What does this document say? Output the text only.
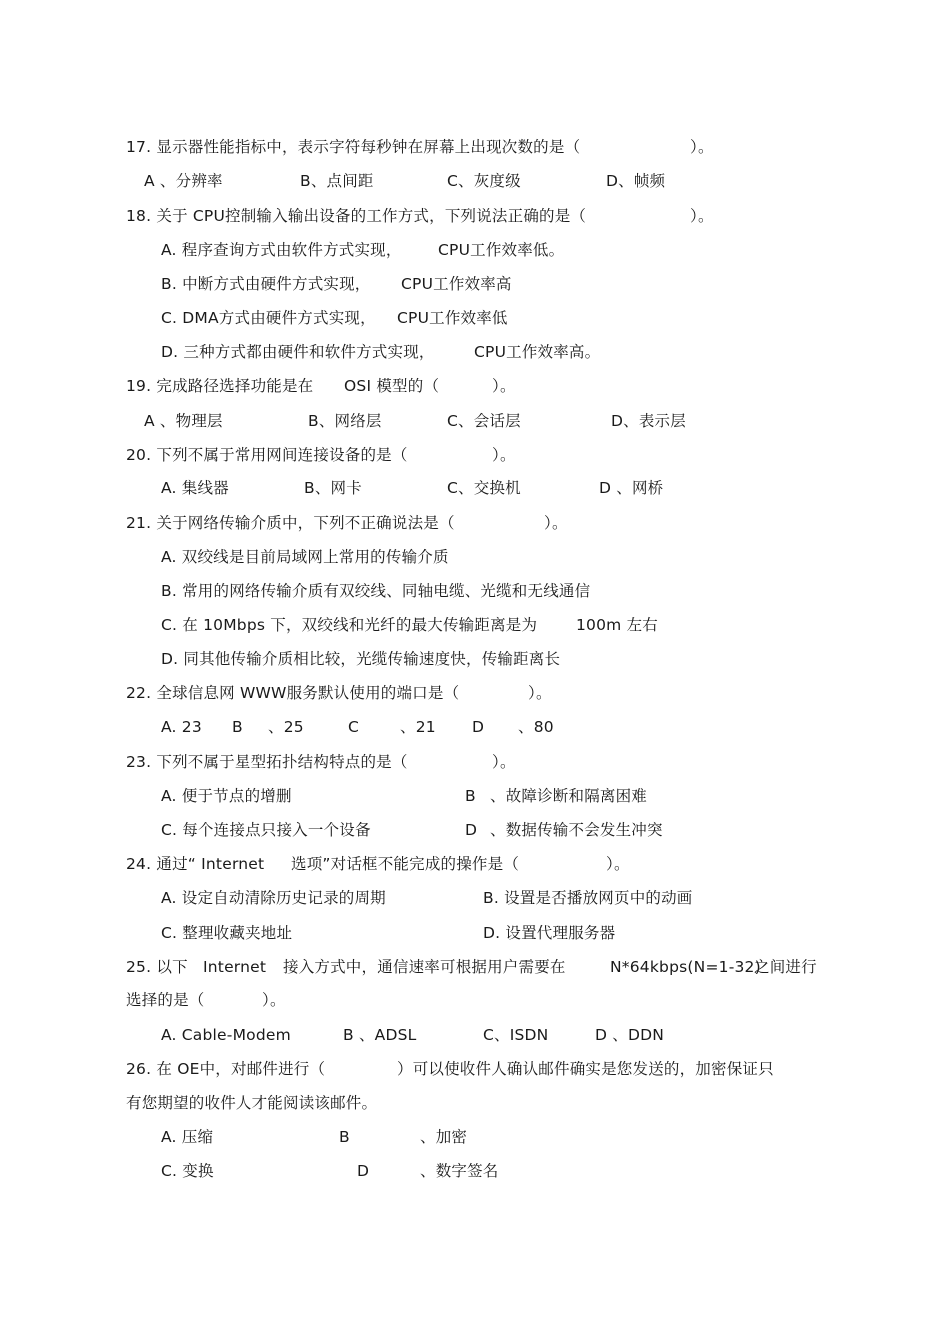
17. 显示器性能指标中，表示字符每秒钟在屏幕上出现次数的是（	）。
A 、分辨率	B、点间距	C、灰度级	D、帧频
18. 关于 CPU控制输入输出设备的工作方式，下列说法正确的是（	）。
A. 程序查询方式由软件方式实现， CPU工作效率低。
B. 中断方式由硬件方式实现， CPU工作效率高
C. DMA方式由硬件方式实现， CPU工作效率低
D. 三种方式都由硬件和软件方式实现，	CPU工作效率高。
19. 完成路径选择功能是在 OSI 模型的（	）。
A 、物理层	B、网络层	C、会话层	D、表示层
20. 下列不属于常用网间连接设备的是（	）。
A. 集线器	B、网卡	C、交换机	D 、网桥
21. 关于网络传输介质中，下列不正确说法是（	）。
A. 双绞线是目前局域网上常用的传输介质
B. 常用的网络传输介质有双绞线、同轴电缆、光缆和无线通信
C. 在 10Mbps 下，双绞线和光纤的最大传输距离是为	100m 左右
D. 同其他传输介质相比较，光缆传输速度快，传输距离长
22. 全球信息网 WWW服务默认使用的端口是（	）。
A. 23 B 、25	C	、21 D 、80
23. 下列不属于星型拓扑结构特点的是（	）。
A. 便于节点的增删	B 、故障诊断和隔离困难
C. 每个连接点只接入一个设备	D 、数据传输不会发生冲突
24. 通过“ Internet 选项”对话框不能完成的操作是（	）。
A. 设定自动清除历史记录的周期	B. 设置是否播放网页中的动画
C. 整理收藏夹地址	D. 设置代理服务器
25. 以下 Internet 接入方式中，通信速率可根据用户需要在	N*64kbps(N=1-32)
之间进行
选择的是（	）。
A. Cable-Modem	B 、ADSL	C、ISDN	D 、DDN
26. 在 OE中，对邮件进行（	）可以使收件人确认邮件确实是您发送的，加密保证只
有您期望的收件人才能阅读该邮件。
A. 压缩	B	、加密
C. 变换	D	、数字签名
